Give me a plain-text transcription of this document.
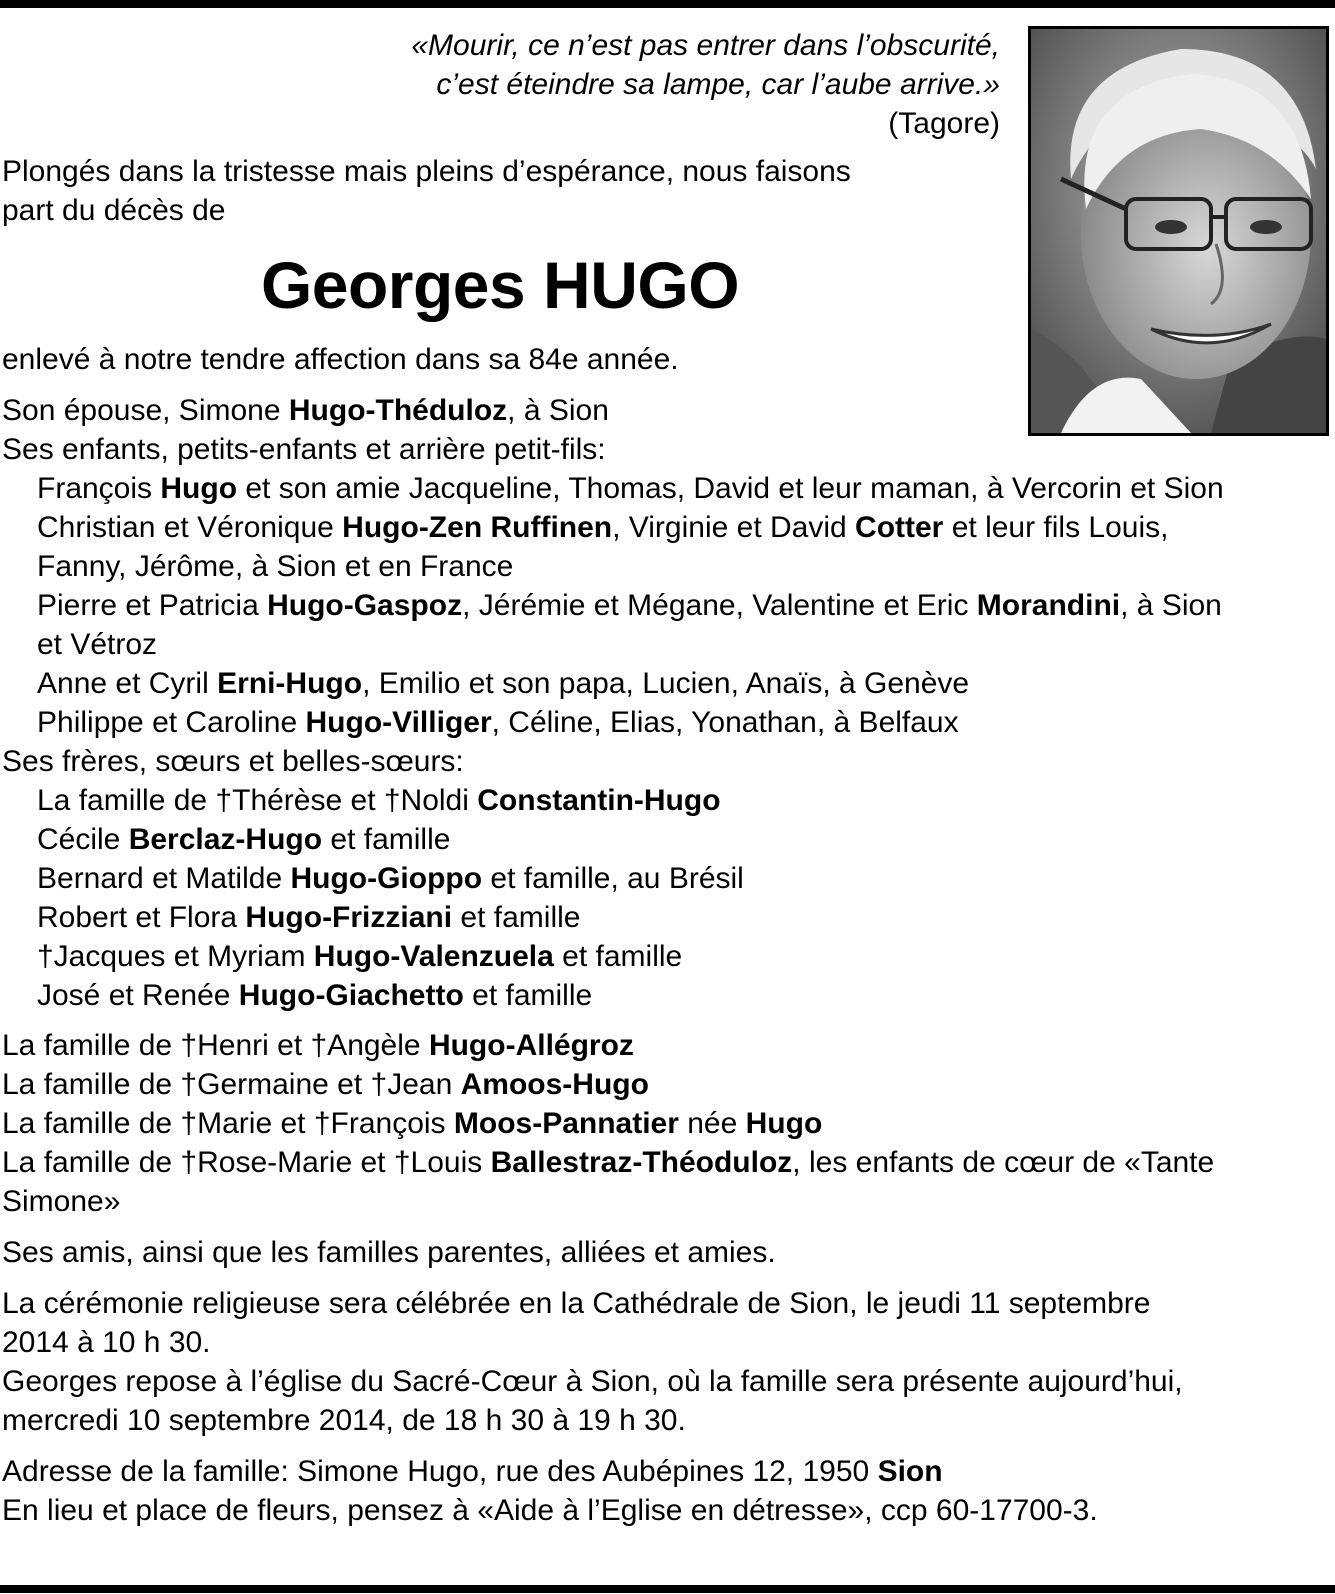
«Mourir, ce n’est pas entrer dans l’obscurité,
c’est éteindre sa lampe, car l’aube arrive.»
(Tagore)
Plongés dans la tristesse mais pleins d’espérance, nous faisons
part du décès de
Georges HUGO
enlevé à notre tendre affection dans sa 84e année.
Son épouse, Simone Hugo-Théduloz, à Sion
Ses enfants, petits-enfants et arrière petit-fils:
François Hugo et son amie Jacqueline, Thomas, David et leur maman, à Vercorin et Sion
Christian et Véronique Hugo-Zen Ruffinen, Virginie et David Cotter et leur fils Louis,
Fanny, Jérôme, à Sion et en France
Pierre et Patricia Hugo-Gaspoz, Jérémie et Mégane, Valentine et Eric Morandini, à Sion
et Vétroz
Anne et Cyril Erni-Hugo, Emilio et son papa, Lucien, Anaïs, à Genève
Philippe et Caroline Hugo-Villiger, Céline, Elias, Yonathan, à Belfaux
Ses frères, sœurs et belles-sœurs:
La famille de †Thérèse et †Noldi Constantin-Hugo
Cécile Berclaz-Hugo et famille
Bernard et Matilde Hugo-Gioppo et famille, au Brésil
Robert et Flora Hugo-Frizziani et famille
†Jacques et Myriam Hugo-Valenzuela et famille
José et Renée Hugo-Giachetto et famille
La famille de †Henri et †Angèle Hugo-Allégroz
La famille de †Germaine et †Jean Amoos-Hugo
La famille de †Marie et †François Moos-Pannatier née Hugo
La famille de †Rose-Marie et †Louis Ballestraz-Théoduloz, les enfants de cœur de «Tante
Simone»
Ses amis, ainsi que les familles parentes, alliées et amies.
La cérémonie religieuse sera célébrée en la Cathédrale de Sion, le jeudi 11 septembre
2014 à 10 h 30.
Georges repose à l’église du Sacré-Cœur à Sion, où la famille sera présente aujourd’hui,
mercredi 10 septembre 2014, de 18 h 30 à 19 h 30.
Adresse de la famille: Simone Hugo, rue des Aubépines 12, 1950 Sion
En lieu et place de fleurs, pensez à «Aide à l’Eglise en détresse», ccp 60-17700-3.
